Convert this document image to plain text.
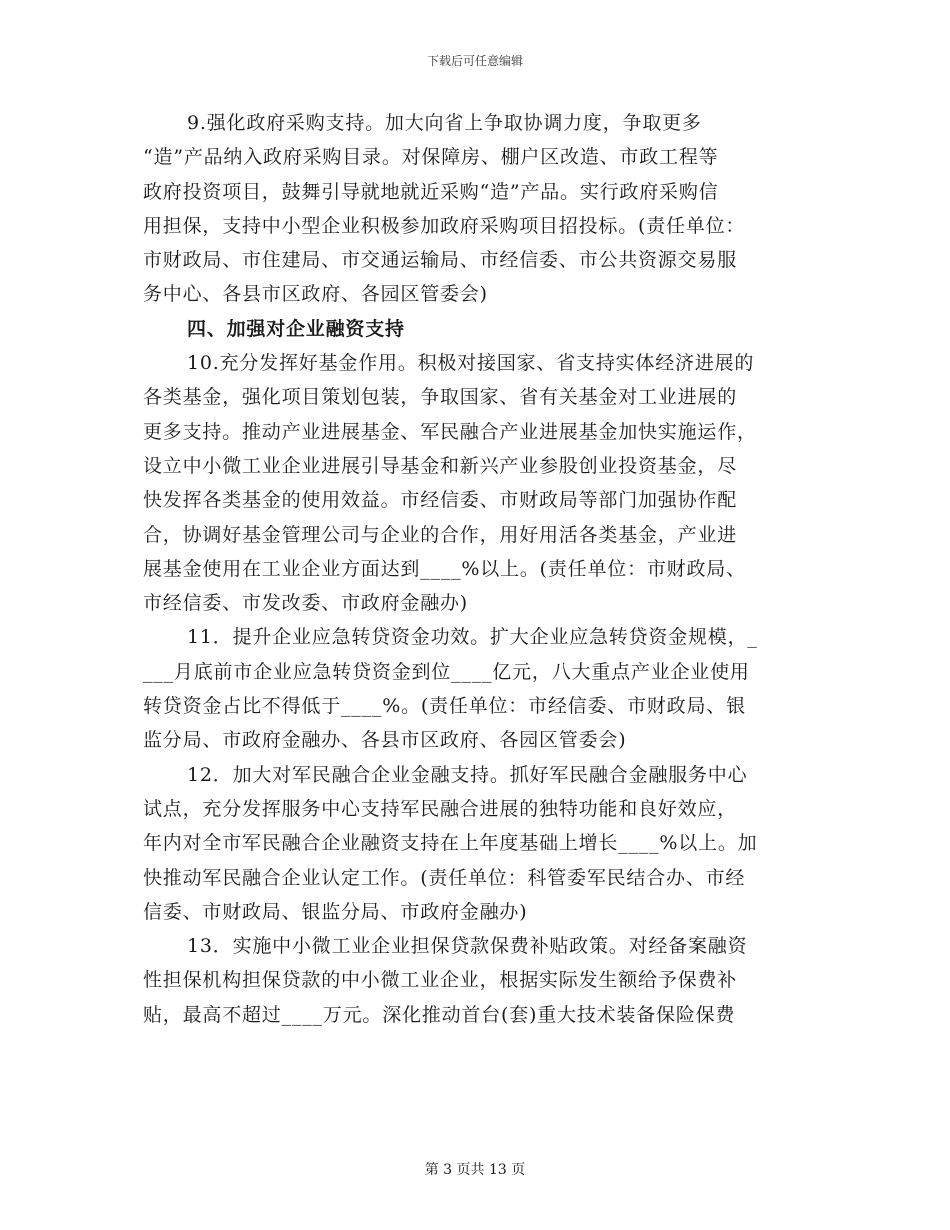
下载后可任意编辑
9.强化政府采购支持。加大向省上争取协调力度，争取更多
“造”产品纳入政府采购目录。对保障房、棚户区改造、市政工程等
政府投资项目，鼓舞引导就地就近采购“造”产品。实行政府采购信
用担保，支持中小型企业积极参加政府采购项目招投标。(责任单位：
市财政局、市住建局、市交通运输局、市经信委、市公共资源交易服
务中心、各县市区政府、各园区管委会)
四、加强对企业融资支持
10.充分发挥好基金作用。积极对接国家、省支持实体经济进展的
各类基金，强化项目策划包装，争取国家、省有关基金对工业进展的
更多支持。推动产业进展基金、军民融合产业进展基金加快实施运作，
设立中小微工业企业进展引导基金和新兴产业参股创业投资基金，尽
快发挥各类基金的使用效益。市经信委、市财政局等部门加强协作配
合，协调好基金管理公司与企业的合作，用好用活各类基金，产业进
展基金使用在工业企业方面达到____%以上。(责任单位：市财政局、
市经信委、市发改委、市政府金融办)
11．提升企业应急转贷资金功效。扩大企业应急转贷资金规模，_
___月底前市企业应急转贷资金到位____亿元，八大重点产业企业使用
转贷资金占比不得低于____%。(责任单位：市经信委、市财政局、银
监分局、市政府金融办、各县市区政府、各园区管委会)
12．加大对军民融合企业金融支持。抓好军民融合金融服务中心
试点，充分发挥服务中心支持军民融合进展的独特功能和良好效应，
年内对全市军民融合企业融资支持在上年度基础上增长____%以上。加
快推动军民融合企业认定工作。(责任单位：科管委军民结合办、市经
信委、市财政局、银监分局、市政府金融办)
13．实施中小微工业企业担保贷款保费补贴政策。对经备案融资
性担保机构担保贷款的中小微工业企业，根据实际发生额给予保费补
贴，最高不超过____万元。深化推动首台(套)重大技术装备保险保费
第 3 页共 13 页
